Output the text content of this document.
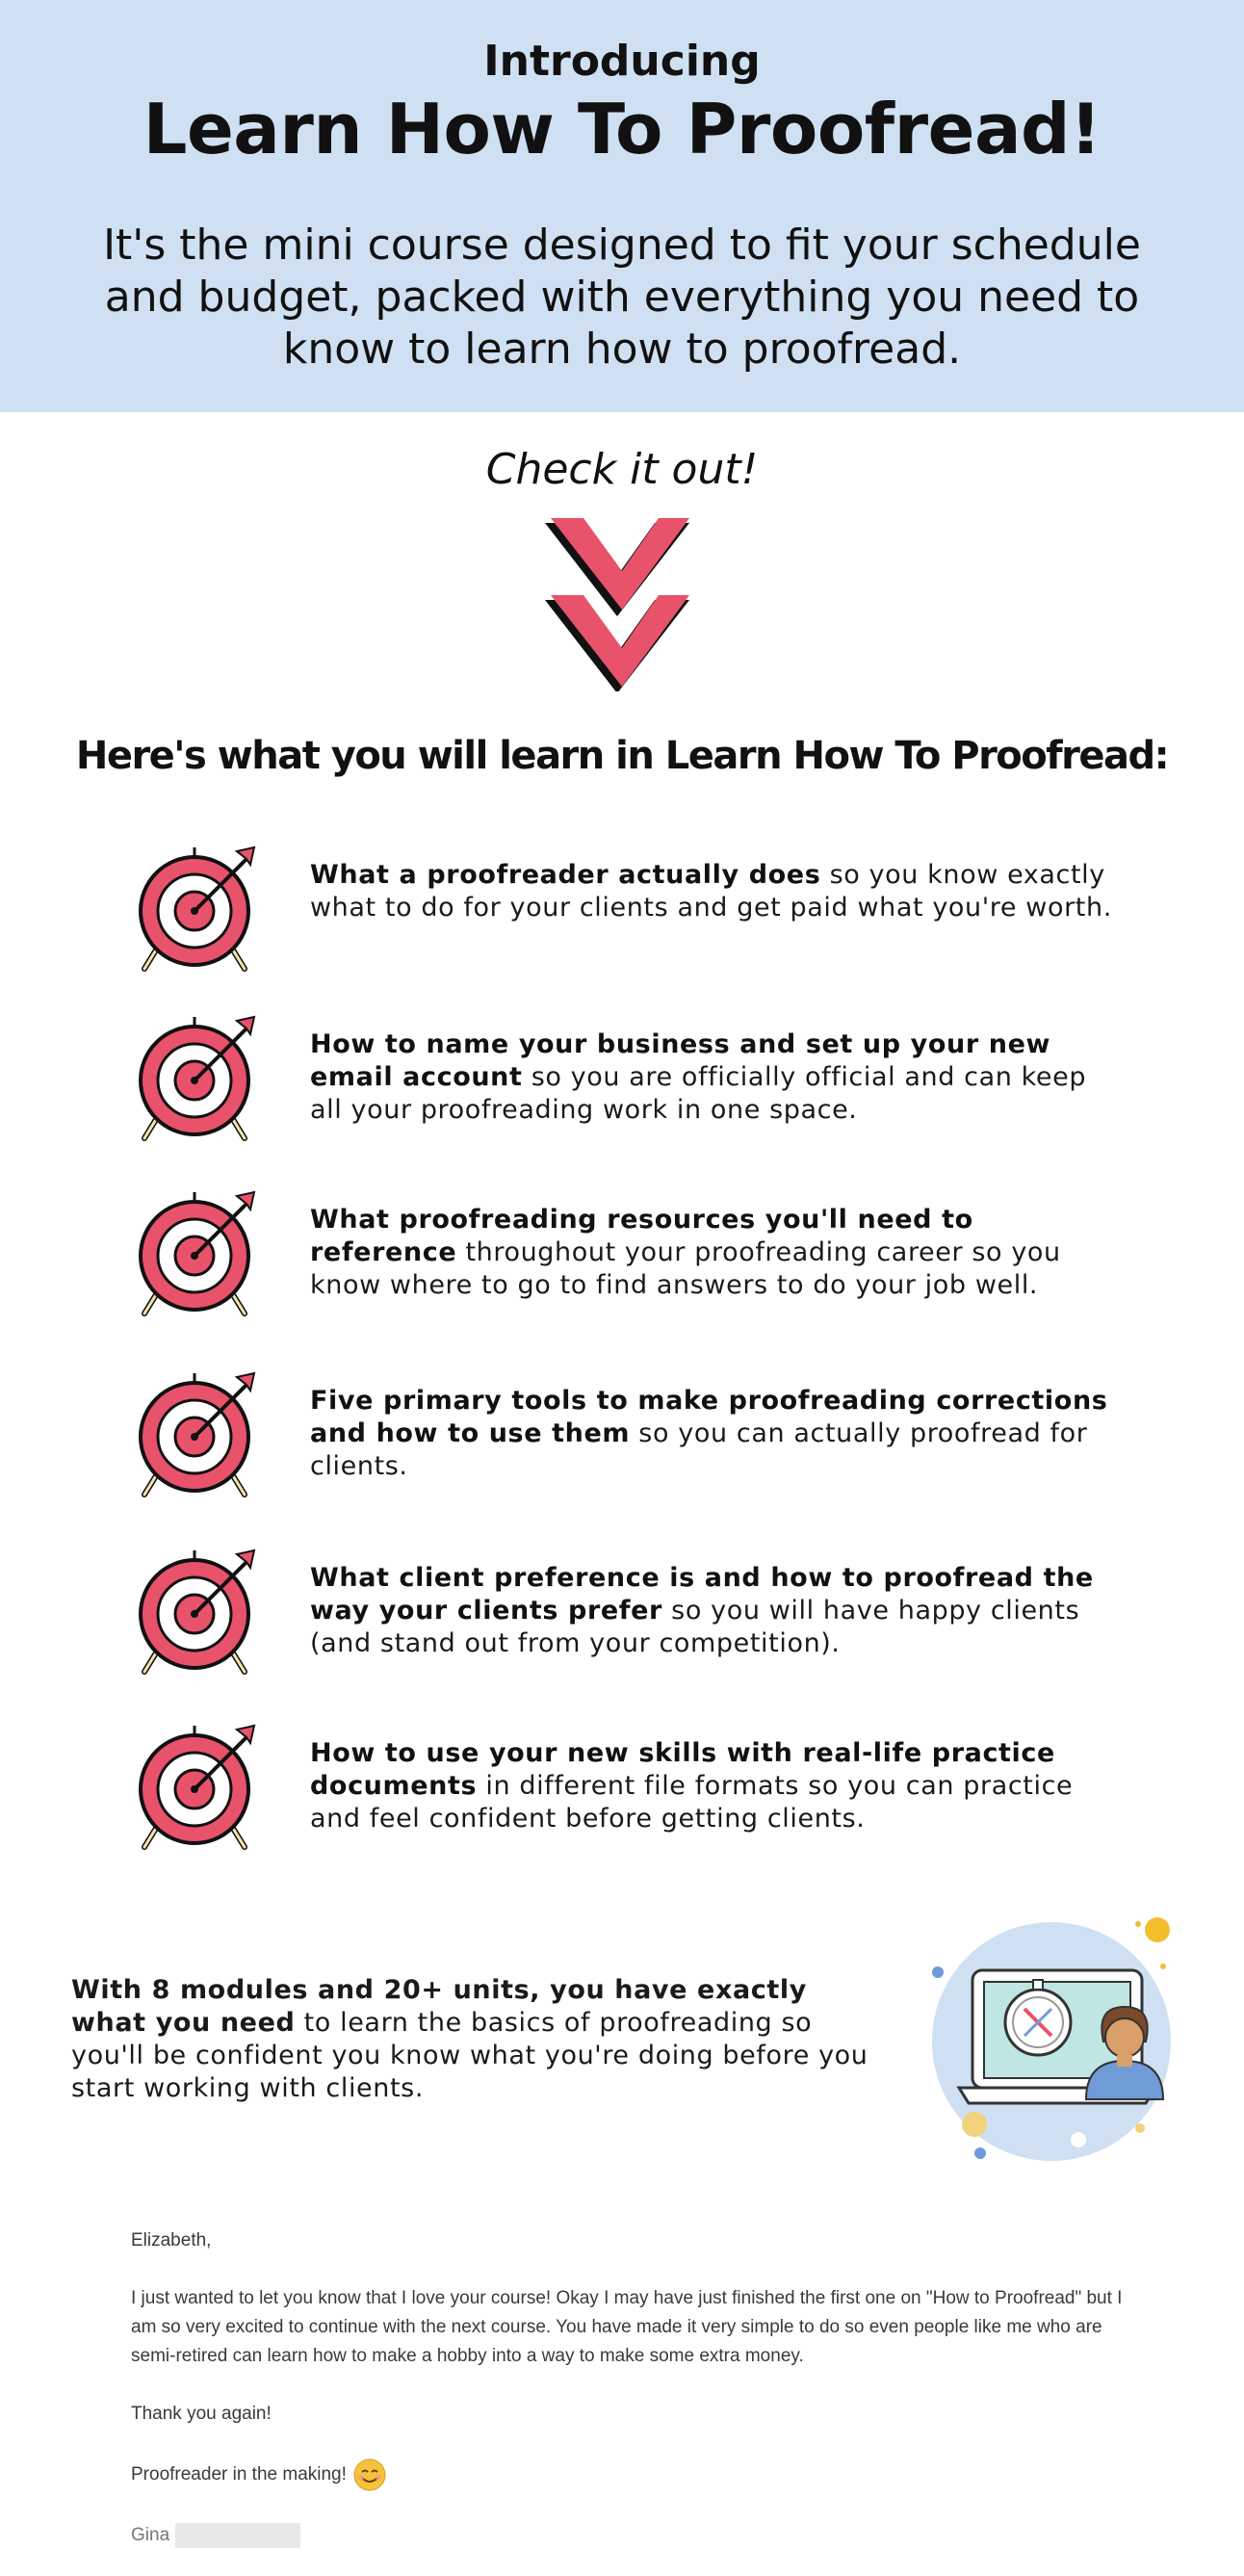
Introducing
Learn How To Proofread!

It's the mini course designed to fit your schedule and budget, packed with everything you need to know to learn how to proofread.

Check it out!
Here's what you will learn in Learn How To Proofread:

What a proofreader actually does so you know exactly what to do for your clients and get paid what you're worth.

How to name your business and set up your new email account so you are officially official and can keep all your proofreading work in one space.

What proofreading resources you'll need to reference throughout your proofreading career so you know where to go to find answers to do your job well.

Five primary tools to make proofreading corrections and how to use them so you can actually proofread for clients.

What client preference is and how to proofread the way your clients prefer so you will have happy clients (and stand out from your competition).

How to use your new skills with real-life practice documents in different file formats so you can practice and feel confident before getting clients.

With 8 modules and 20+ units, you have exactly what you need to learn the basics of proofreading so you'll be confident you know what you're doing before you start working with clients.

Elizabeth,

I just wanted to let you know that I love your course! Okay I may have just finished the first one on "How to Proofread" but I am so very excited to continue with the next course. You have made it very simple to do so even people like me who are semi-retired can learn how to make a hobby into a way to make some extra money.

Thank you again!

Proofreader in the making!

Gina
